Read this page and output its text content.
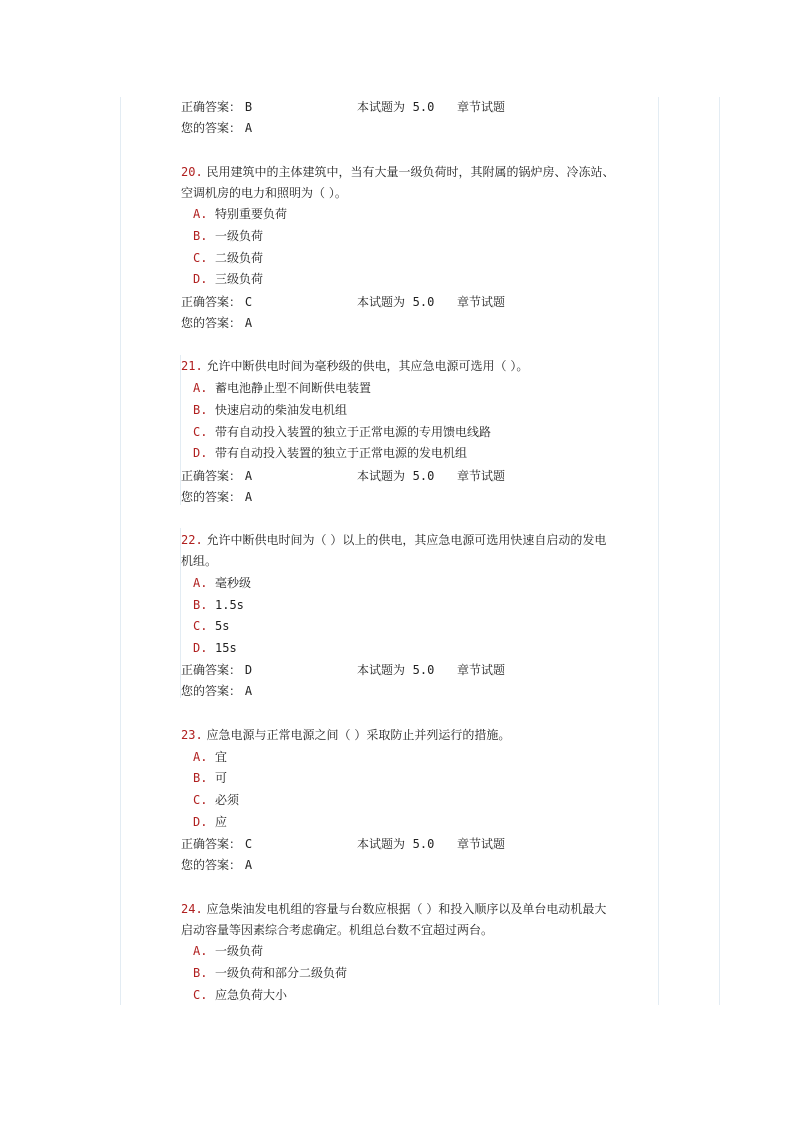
正确答案： B	本试题为 5.0 章节试题
您的答案： A
20. 民用建筑中的主体建筑中，当有大量一级负荷时，其附属的锅炉房、冷冻站、
空调机房的电力和照明为（ ）。
A. 特别重要负荷
B. 一级负荷
C. 二级负荷
D. 三级负荷
正确答案： C	本试题为 5.0 章节试题
您的答案： A
21. 允许中断供电时间为毫秒级的供电，其应急电源可选用（ ）。
A. 蓄电池静止型不间断供电装置
B. 快速启动的柴油发电机组
C. 带有自动投入装置的独立于正常电源的专用馈电线路
D. 带有自动投入装置的独立于正常电源的发电机组
正确答案： A	本试题为 5.0 章节试题
您的答案： A
22. 允许中断供电时间为（ ）以上的供电，其应急电源可选用快速自启动的发电
机组。
A. 毫秒级
B. 1.5s
C. 5s
D. 15s
正确答案： D	本试题为 5.0 章节试题
您的答案： A
23. 应急电源与正常电源之间（ ）采取防止并列运行的措施。
A. 宜
B. 可
C. 必须
D. 应
正确答案： C	本试题为 5.0 章节试题
您的答案： A
24. 应急柴油发电机组的容量与台数应根据（ ）和投入顺序以及单台电动机最大
启动容量等因素综合考虑确定。机组总台数不宜超过两台。
A. 一级负荷
B. 一级负荷和部分二级负荷
C. 应急负荷大小
